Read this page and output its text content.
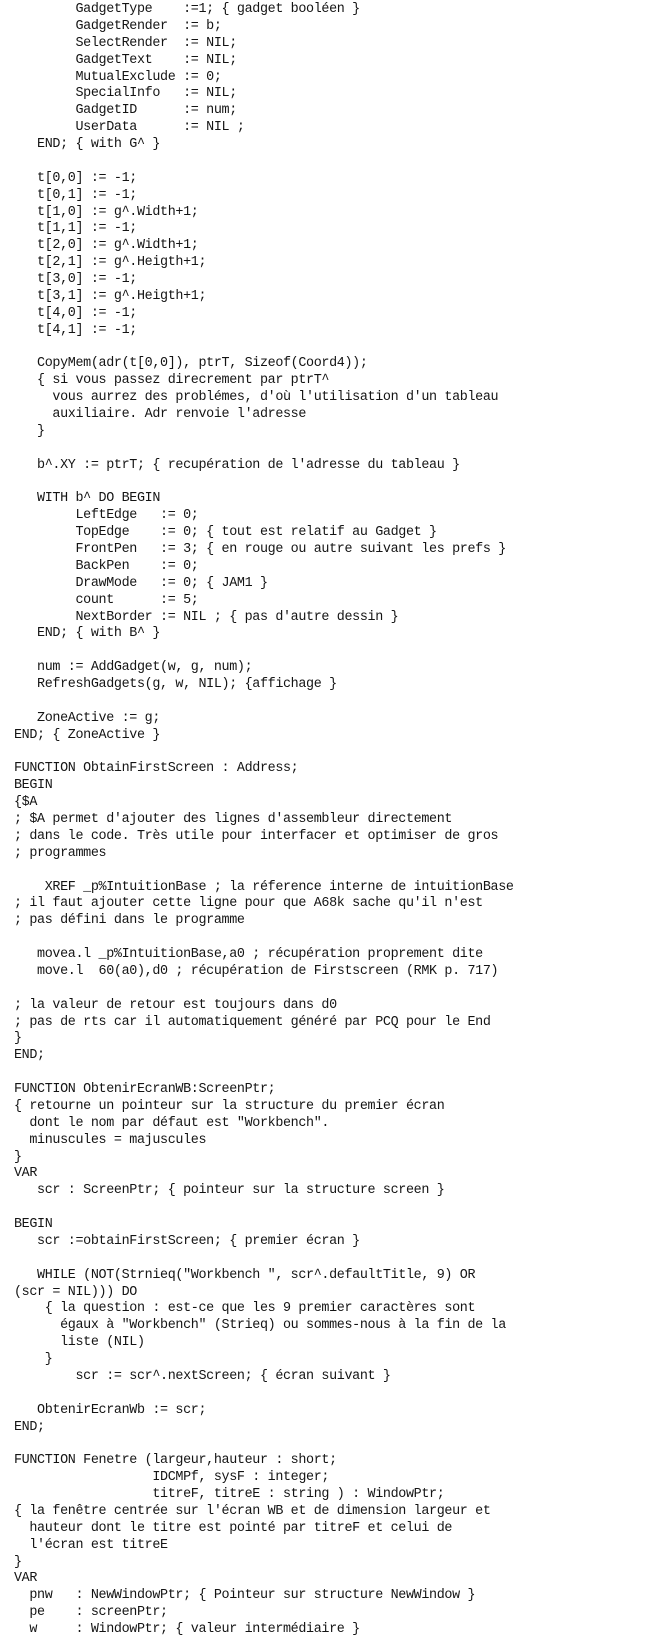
GadgetType    :=1; { gadget booléen }
GadgetRender  := b;
SelectRender  := NIL;
GadgetText    := NIL;
MutualExclude := 0;
SpecialInfo   := NIL;
GadgetID      := num;
UserData      := NIL ;
END; { with G^ }
t[0,0] := -1;
t[0,1] := -1;
t[1,0] := g^.Width+1;
t[1,1] := -1;
t[2,0] := g^.Width+1;
t[2,1] := g^.Heigth+1;
t[3,0] := -1;
t[3,1] := g^.Heigth+1;
t[4,0] := -1;
t[4,1] := -1;
CopyMem(adr(t[0,0]), ptrT, Sizeof(Coord4));
{ si vous passez direcrement par ptrT^
vous aurrez des problémes, d'où l'utilisation d'un tableau
auxiliaire. Adr renvoie l'adresse
}
b^.XY := ptrT; { recupération de l'adresse du tableau }
WITH b^ DO BEGIN
LeftEdge   := 0;
TopEdge    := 0; { tout est relatif au Gadget }
FrontPen   := 3; { en rouge ou autre suivant les prefs }
BackPen    := 0;
DrawMode   := 0; { JAM1 }
count      := 5;
NextBorder := NIL ; { pas d'autre dessin }
END; { with B^ }
num := AddGadget(w, g, num);
RefreshGadgets(g, w, NIL); {affichage }
ZoneActive := g;
END; { ZoneActive }
FUNCTION ObtainFirstScreen : Address;
BEGIN
{$A
; $A permet d'ajouter des lignes d'assembleur directement
; dans le code. Très utile pour interfacer et optimiser de gros
; programmes
XREF _p%IntuitionBase ; la réference interne de intuitionBase
; il faut ajouter cette ligne pour que A68k sache qu'il n'est
; pas défini dans le programme
movea.l _p%IntuitionBase,a0 ; récupération proprement dite
move.l  60(a0),d0 ; récupération de Firstscreen (RMK p. 717)
; la valeur de retour est toujours dans d0
; pas de rts car il automatiquement généré par PCQ pour le End
}
END;
FUNCTION ObtenirEcranWB:ScreenPtr;
{ retourne un pointeur sur la structure du premier écran
dont le nom par défaut est "Workbench".
minuscules = majuscules
}
VAR
scr : ScreenPtr; { pointeur sur la structure screen }
BEGIN
scr :=obtainFirstScreen; { premier écran }
WHILE (NOT(Strnieq("Workbench ", scr^.defaultTitle, 9) OR
(scr = NIL))) DO
{ la question : est-ce que les 9 premier caractères sont
égaux à "Workbench" (Strieq) ou sommes-nous à la fin de la
liste (NIL)
}
scr := scr^.nextScreen; { écran suivant }
ObtenirEcranWb := scr;
END;
FUNCTION Fenetre (largeur,hauteur : short;
IDCMPf, sysF : integer;
titreF, titreE : string ) : WindowPtr;
{ la fenêtre centrée sur l'écran WB et de dimension largeur et
hauteur dont le titre est pointé par titreF et celui de
l'écran est titreE
}
VAR
pnw   : NewWindowPtr; { Pointeur sur structure NewWindow }
pe    : screenPtr;
w     : WindowPtr; { valeur intermédiaire }
